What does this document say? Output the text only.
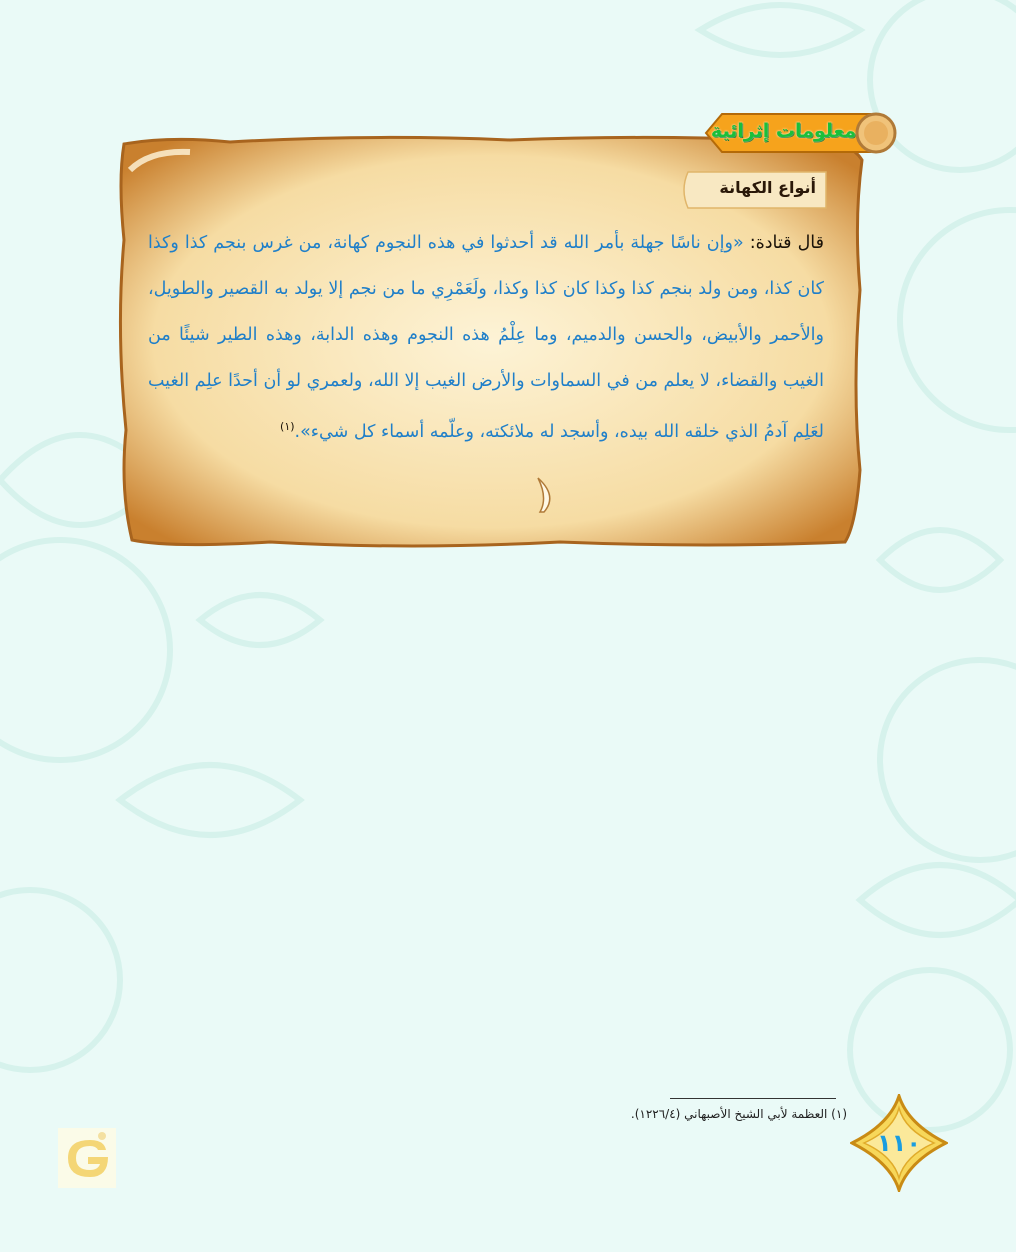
معلومات إثرائية
أنواع الكهانة
قال قتادة: «وإن ناسًا جهلة بأمر الله قد أحدثوا في هذه النجوم كهانة، من غرس بنجم كذا وكذا كان كذا، ومن ولد بنجم كذا وكذا كان كذا وكذا، ولَعَمْرِي ما من نجم إلا يولد به القصير والطويل، والأحمر والأبيض، والحسن والدميم، وما عِلْمُ هذه النجوم وهذه الدابة، وهذه الطير شيئًا من الغيب والقضاء، لا يعلم من في السماوات والأرض الغيب إلا الله، ولعمري لو أن أحدًا علِم الغيب لعَلِم آدمُ الذي خلقه الله بيده، وأسجد له ملائكته، وعلّمه أسماء كل شيء».$^{(١)}$
(١) العظمة لأبي الشيخ الأصبهاني (١٢٢٦/٤).
١١٠
